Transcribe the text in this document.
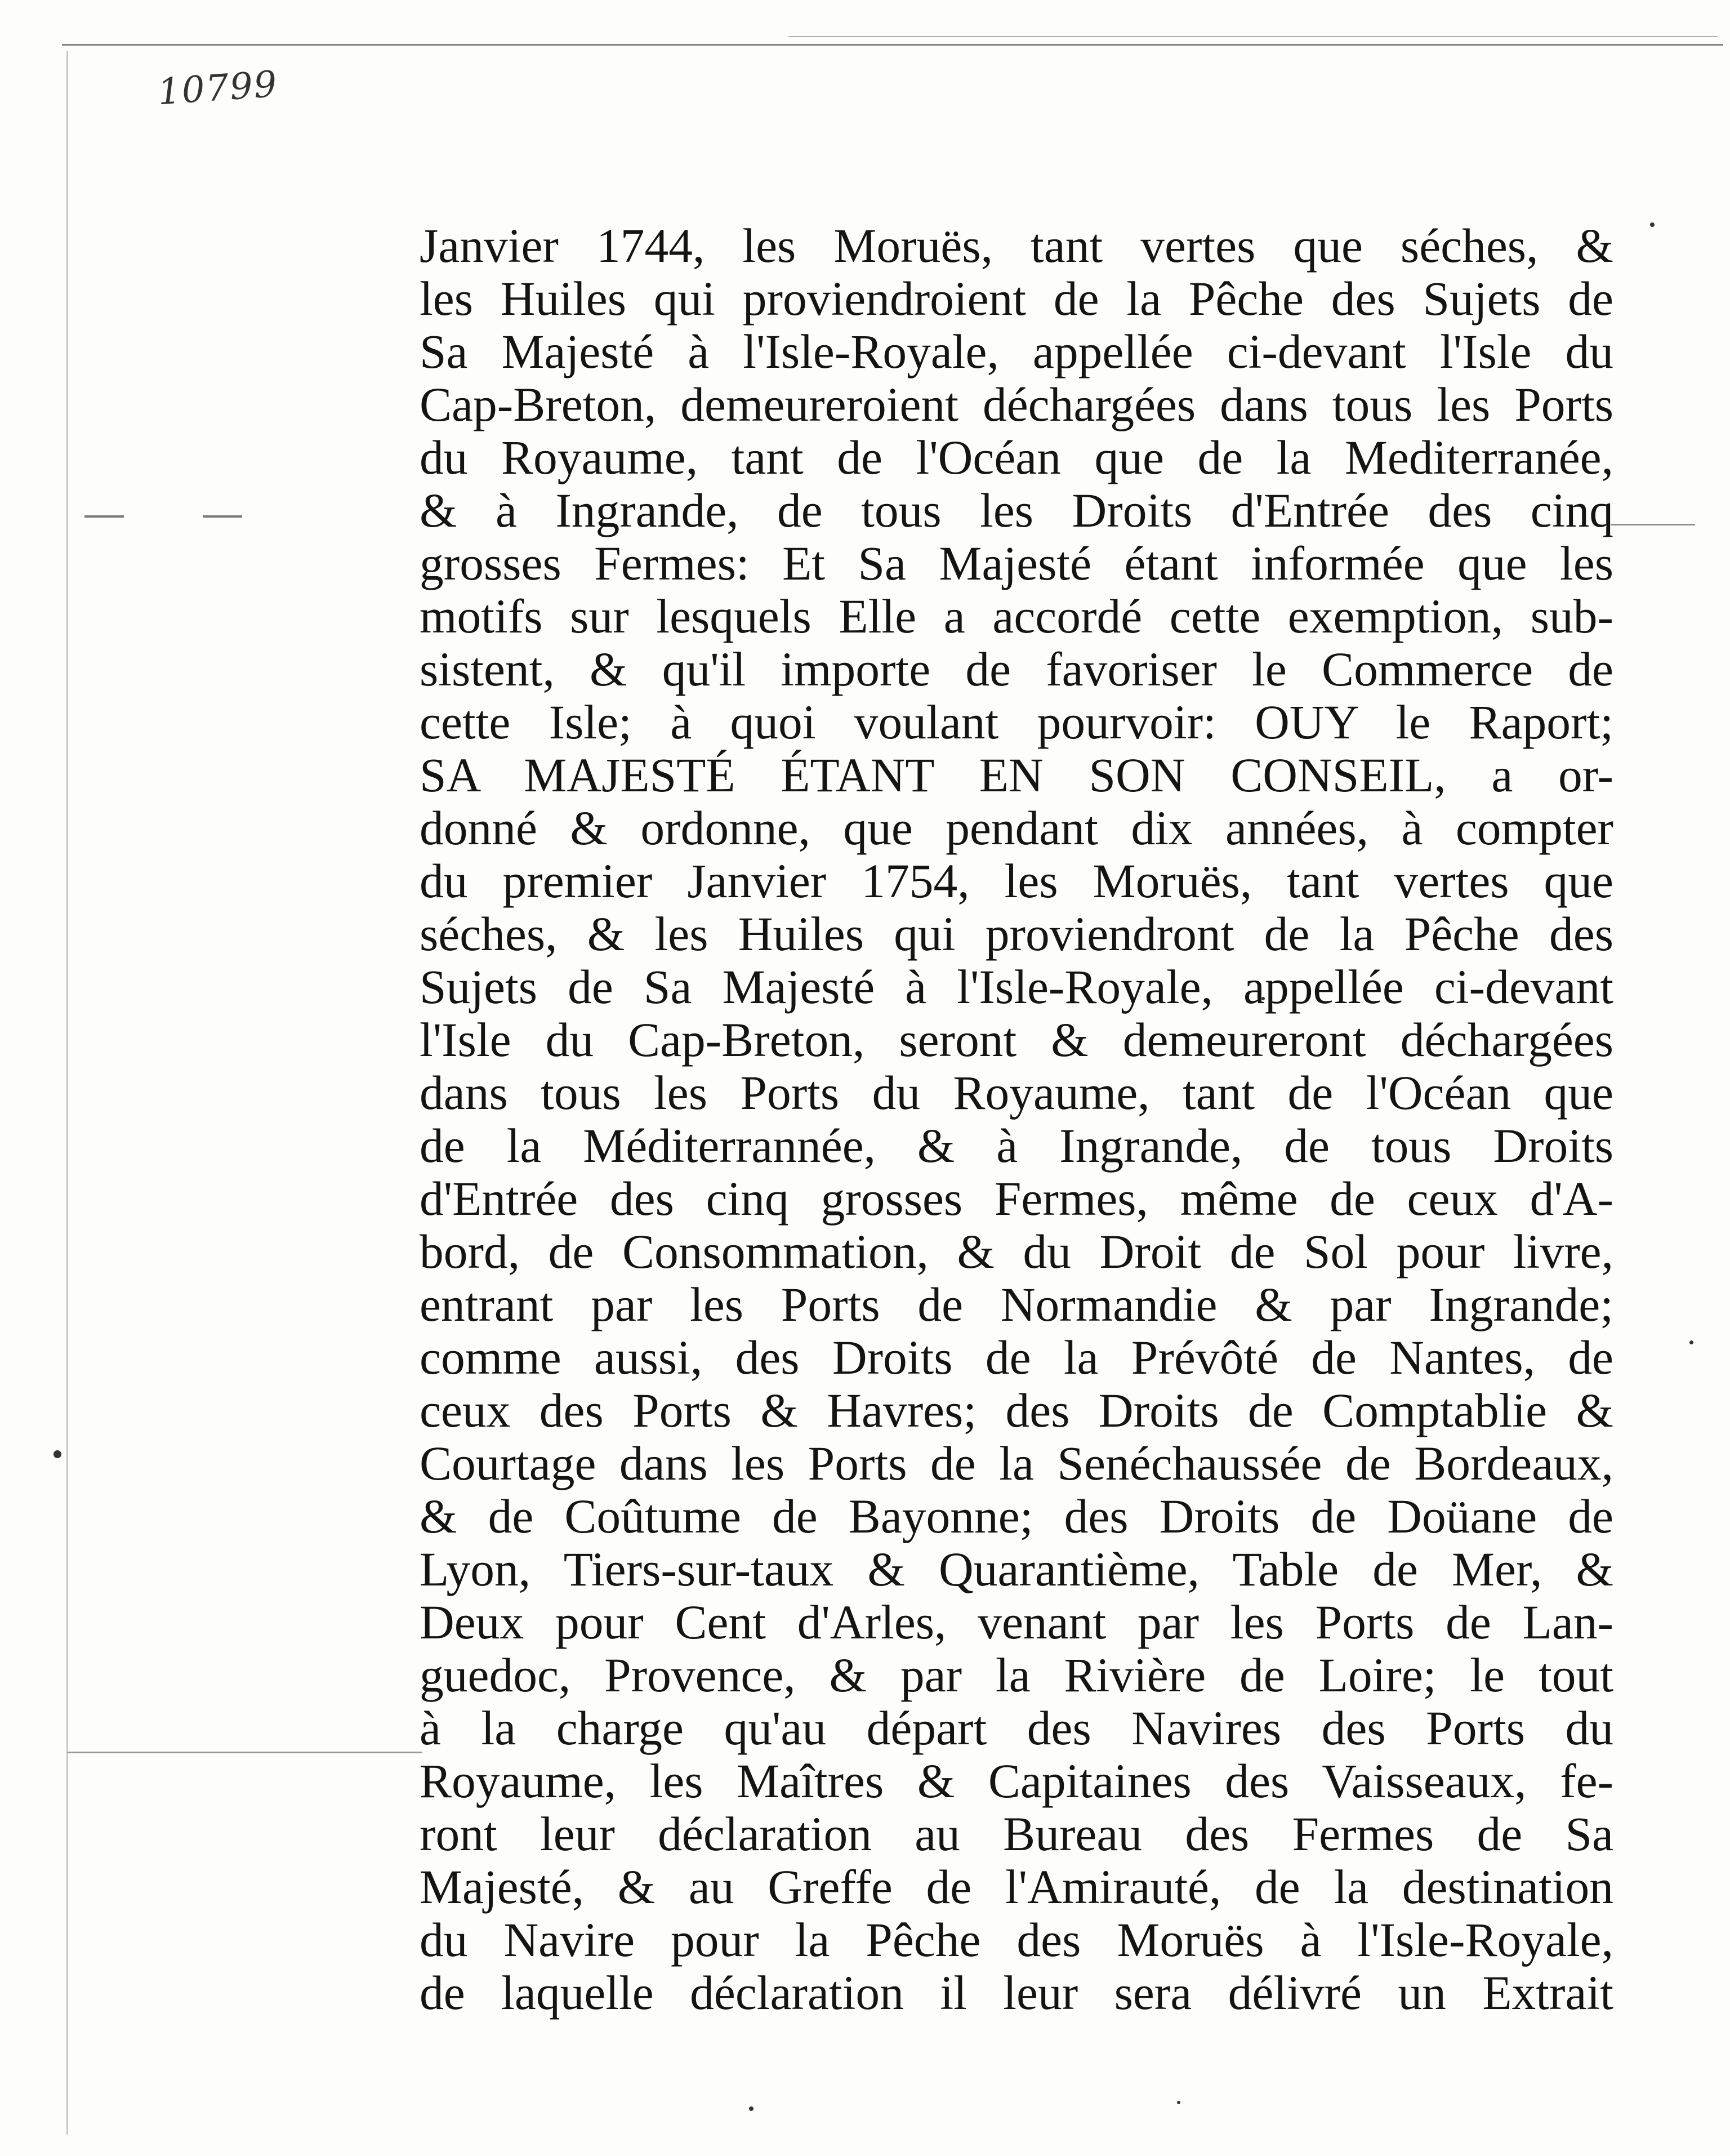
10799
Janvier 1744, les Moruës, tant vertes que séches, &
les Huiles qui proviendroient de la Pêche des Sujets de
Sa Majesté à l'Isle-Royale, appellée ci-devant l'Isle du
Cap-Breton, demeureroient déchargées dans tous les Ports
du Royaume, tant de l'Océan que de la Mediterranée,
& à Ingrande, de tous les Droits d'Entrée des cinq
grosses Fermes: Et Sa Majesté étant informée que les
motifs sur lesquels Elle a accordé cette exemption, sub-
sistent, & qu'il importe de favoriser le Commerce de
cette Isle; à quoi voulant pourvoir: OUY le Raport;
SA MAJESTÉ ÉTANT EN SON CONSEIL, a or-
donné & ordonne, que pendant dix années, à compter
du premier Janvier 1754, les Moruës, tant vertes que
séches, & les Huiles qui proviendront de la Pêche des
Sujets de Sa Majesté à l'Isle-Royale, appellée ci-devant
l'Isle du Cap-Breton, seront & demeureront déchargées
dans tous les Ports du Royaume, tant de l'Océan que
de la Méditerrannée, & à Ingrande, de tous Droits
d'Entrée des cinq grosses Fermes, même de ceux d'A-
bord, de Consommation, & du Droit de Sol pour livre,
entrant par les Ports de Normandie & par Ingrande;
comme aussi, des Droits de la Prévôté de Nantes, de
ceux des Ports & Havres; des Droits de Comptablie &
Courtage dans les Ports de la Senéchaussée de Bordeaux,
& de Coûtume de Bayonne; des Droits de Doüane de
Lyon, Tiers-sur-taux & Quarantième, Table de Mer, &
Deux pour Cent d'Arles, venant par les Ports de Lan-
guedoc, Provence, & par la Rivière de Loire; le tout
à la charge qu'au départ des Navires des Ports du
Royaume, les Maîtres & Capitaines des Vaisseaux, fe-
ront leur déclaration au Bureau des Fermes de Sa
Majesté, & au Greffe de l'Amirauté, de la destination
du Navire pour la Pêche des Moruës à l'Isle-Royale,
de laquelle déclaration il leur sera délivré un Extrait
